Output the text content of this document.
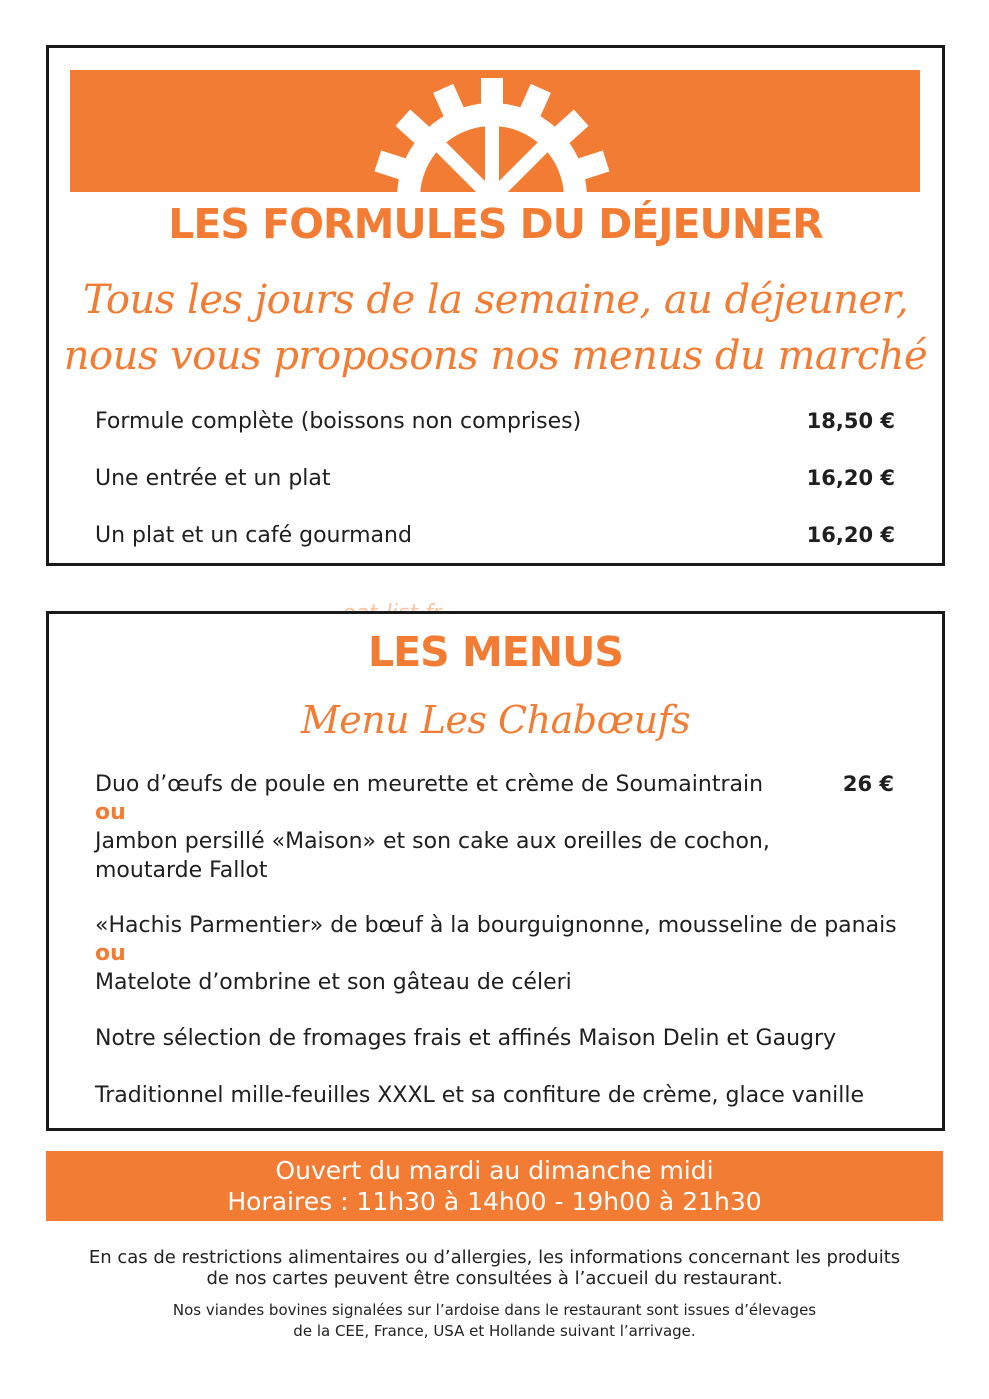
LES FORMULES DU DÉJEUNER
Tous les jours de la semaine, au déjeuner,
nous vous proposons nos menus du marché
Formule complète (boissons non comprises)	18,50 €
Une entrée et un plat	16,20 €
Un plat et un café gourmand	16,20 €
LES MENUS
Menu Les Chabœufs
Duo d’œufs de poule en meurette et crème de Soumaintrain	26 €
ou
Jambon persillé «Maison» et son cake aux oreilles de cochon,
moutarde Fallot
«Hachis Parmentier» de bœuf à la bourguignonne, mousseline de panais
ou
Matelote d’ombrine et son gâteau de céleri
Notre sélection de fromages frais et affinés Maison Delin et Gaugry
Traditionnel mille-feuilles XXXL et sa confiture de crème, glace vanille
Ouvert du mardi au dimanche midi
Horaires : 11h30 à 14h00 - 19h00 à 21h30
En cas de restrictions alimentaires ou d’allergies, les informations concernant les produits
de nos cartes peuvent être consultées à l’accueil du restaurant.
Nos viandes bovines signalées sur l’ardoise dans le restaurant sont issues d’élevages
de la CEE, France, USA et Hollande suivant l’arrivage.
